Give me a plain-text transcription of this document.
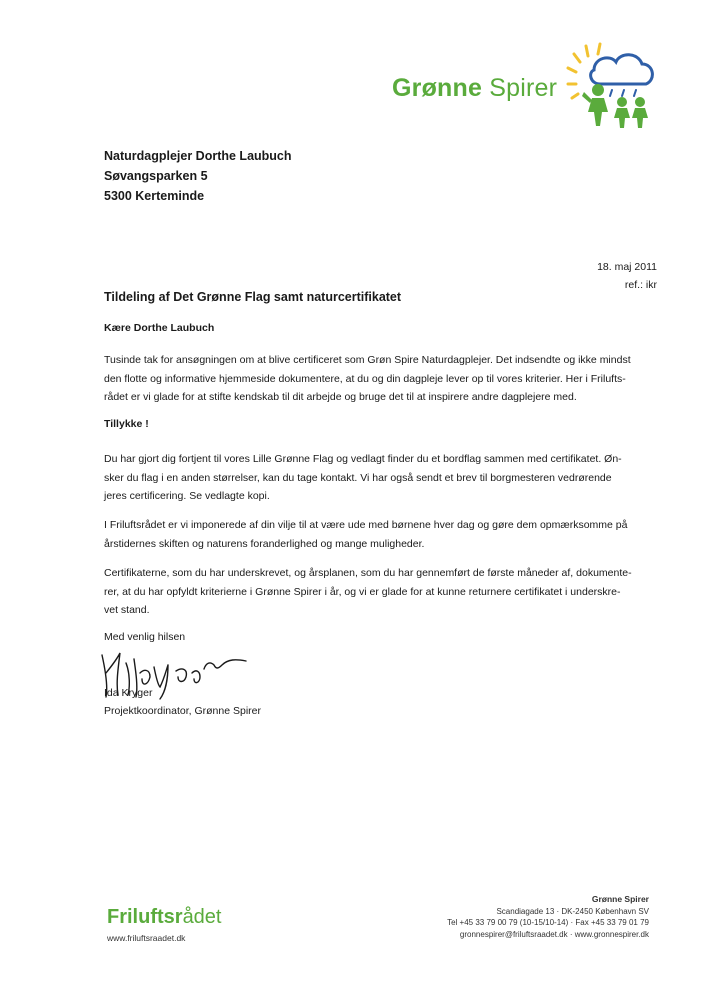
Grønne Spirer
Naturdagplejer Dorthe Laubuch
Søvangsparken 5
5300 Kerteminde
18. maj 2011
ref.: ikr
Tildeling af Det Grønne Flag samt naturcertifikatet
Kære Dorthe Laubuch
Tusinde tak for ansøgningen om at blive certificeret som Grøn Spire Naturdagplejer. Det indsendte og ikke mindst
den flotte og informative hjemmeside dokumentere, at du og din dagpleje lever op til vores kriterier. Her i Frilufts-
rådet er vi glade for at stifte kendskab til dit arbejde og bruge det til at inspirere andre dagplejere med.
Tillykke !
Du har gjort dig fortjent til vores Lille Grønne Flag og vedlagt finder du et bordflag sammen med certifikatet. Øn-
sker du flag i en anden størrelser, kan du tage kontakt. Vi har også sendt et brev til borgmesteren vedrørende
jeres certificering. Se vedlagte kopi.
I Friluftsrådet er vi imponerede af din vilje til at være ude med børnene hver dag og gøre dem opmærksomme på
årstidernes skiften og naturens foranderlighed og mange muligheder.
Certifikaterne, som du har underskrevet, og årsplanen, som du har gennemført de første måneder af, dokumente-
rer, at du har opfyldt kriterierne i Grønne Spirer i år, og vi er glade for at kunne returnere certifikatet i underskre-
vet stand.
Med venlig hilsen
Ida Kryger
Projektkoordinator, Grønne Spirer
Friluftsrådet
www.friluftsraadet.dk
Grønne Spirer
Scandiagade 13 · DK-2450 København SV
Tel +45 33 79 00 79 (10-15/10-14) · Fax +45 33 79 01 79
gronnespirer@friluftsraadet.dk · www.gronnespirer.dk
